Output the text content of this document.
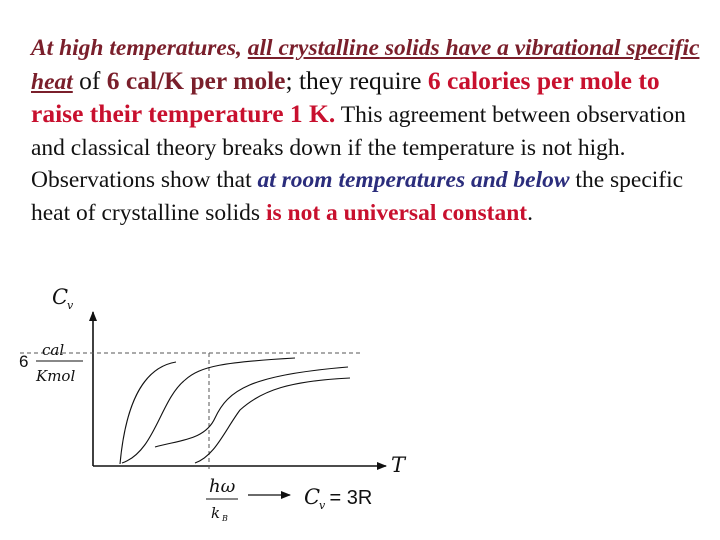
At high temperatures, all crystalline solids have a vibrational specific heat of 6 cal/K per mole; they require 6 calories per mole to raise their temperature 1 K. This agreement between observation and classical theory breaks down if the temperature is not high. Observations show that at room temperatures and below the specific heat of crystalline solids is not a universal constant.
C
v
6
cal
Kmol
T
hω
k B
C
v
= 3R
